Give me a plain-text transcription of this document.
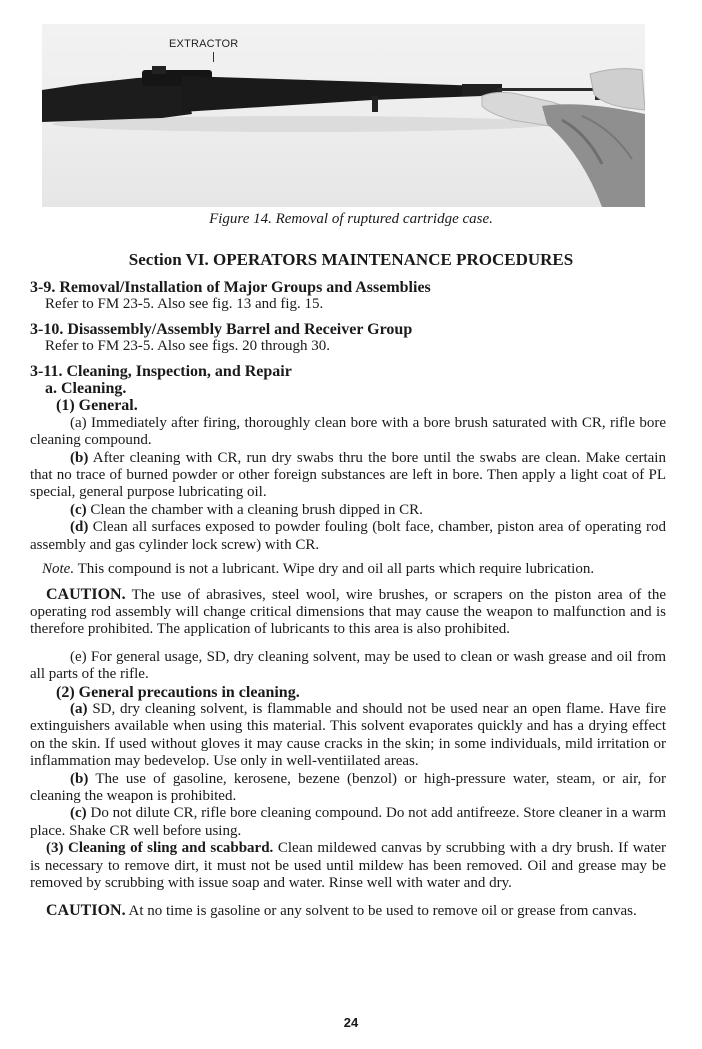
EXTRACTOR
Figure 14. Removal of ruptured cartridge case.
Section VI. OPERATORS MAINTENANCE PROCEDURES

3-9. Removal/Installation of Major Groups and Assemblies

Refer to FM 23-5. Also see fig. 13 and fig. 15.

3-10. Disassembly/Assembly Barrel and Receiver Group

Refer to FM 23-5. Also see figs. 20 through 30.

3-11. Cleaning, Inspection, and Repair

a. Cleaning.

(1) General.

(a) Immediately after firing, thoroughly clean bore with a bore brush saturated with CR, rifle bore cleaning compound.

(b) After cleaning with CR, run dry swabs thru the bore until the swabs are clean. Make certain that no trace of burned powder or other foreign substances are left in bore. Then apply a light coat of PL special, general purpose lubricating oil.

(c) Clean the chamber with a cleaning brush dipped in CR.

(d) Clean all surfaces exposed to powder fouling (bolt face, chamber, piston area of operating rod assembly and gas cylinder lock screw) with CR.

Note. This compound is not a lubricant. Wipe dry and oil all parts which require lubrication.

CAUTION. The use of abrasives, steel wool, wire brushes, or scrapers on the piston area of the operating rod assembly will change critical dimensions that may cause the weapon to malfunction and is therefore prohibited. The application of lubricants to this area is also prohibited.

(e) For general usage, SD, dry cleaning solvent, may be used to clean or wash grease and oil from all parts of the rifle.

(2) General precautions in cleaning.

(a) SD, dry cleaning solvent, is flammable and should not be used near an open flame. Have fire extinguishers available when using this material. This solvent evaporates quickly and has a drying effect on the skin. If used without gloves it may cause cracks in the skin; in some individuals, mild irritation or inflammation may bedevelop. Use only in well-ventiilated areas.

(b) The use of gasoline, kerosene, bezene (benzol) or high-pressure water, steam, or air, for cleaning the weapon is prohibited.

(c) Do not dilute CR, rifle bore cleaning compound. Do not add antifreeze. Store cleaner in a warm place. Shake CR well before using.

(3) Cleaning of sling and scabbard. Clean mildewed canvas by scrubbing with a dry brush. If water is necessary to remove dirt, it must not be used until mildew has been removed. Oil and grease may be removed by scrubbing with issue soap and water. Rinse well with water and dry.

CAUTION. At no time is gasoline or any solvent to be used to remove oil or grease from canvas.

24
